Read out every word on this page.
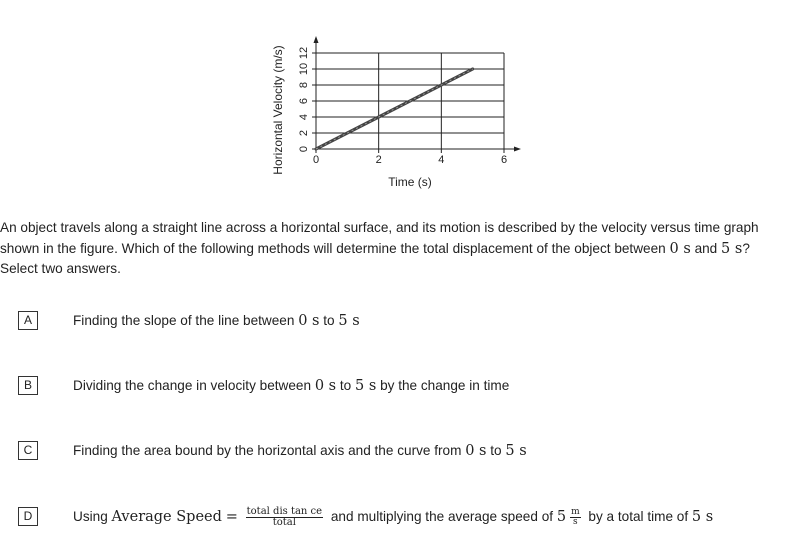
0
2
4
6
8
10
12
0	2	4	6
Time (s)
Horizontal Velocity (m/s)
An object travels along a straight line across a horizontal surface, and its motion is described by the velocity versus time graph
shown in the figure. Which of the following methods will determine the total displacement of the object between 0 s and 5 s?
Select two answers.
A	Finding the slope of the line between 0 s to 5 s
B	Dividing the change in velocity between 0 s to 5 s by the change in time
C	Finding the area bound by the horizontal axis and the curve from 0 s to 5 s
D	Using Average Speed = $\frac{\text{total dis tan ce}}{\text{total}}$ and multiplying the average speed of $5 \frac{m}{s}$ by a total time of 5 s
